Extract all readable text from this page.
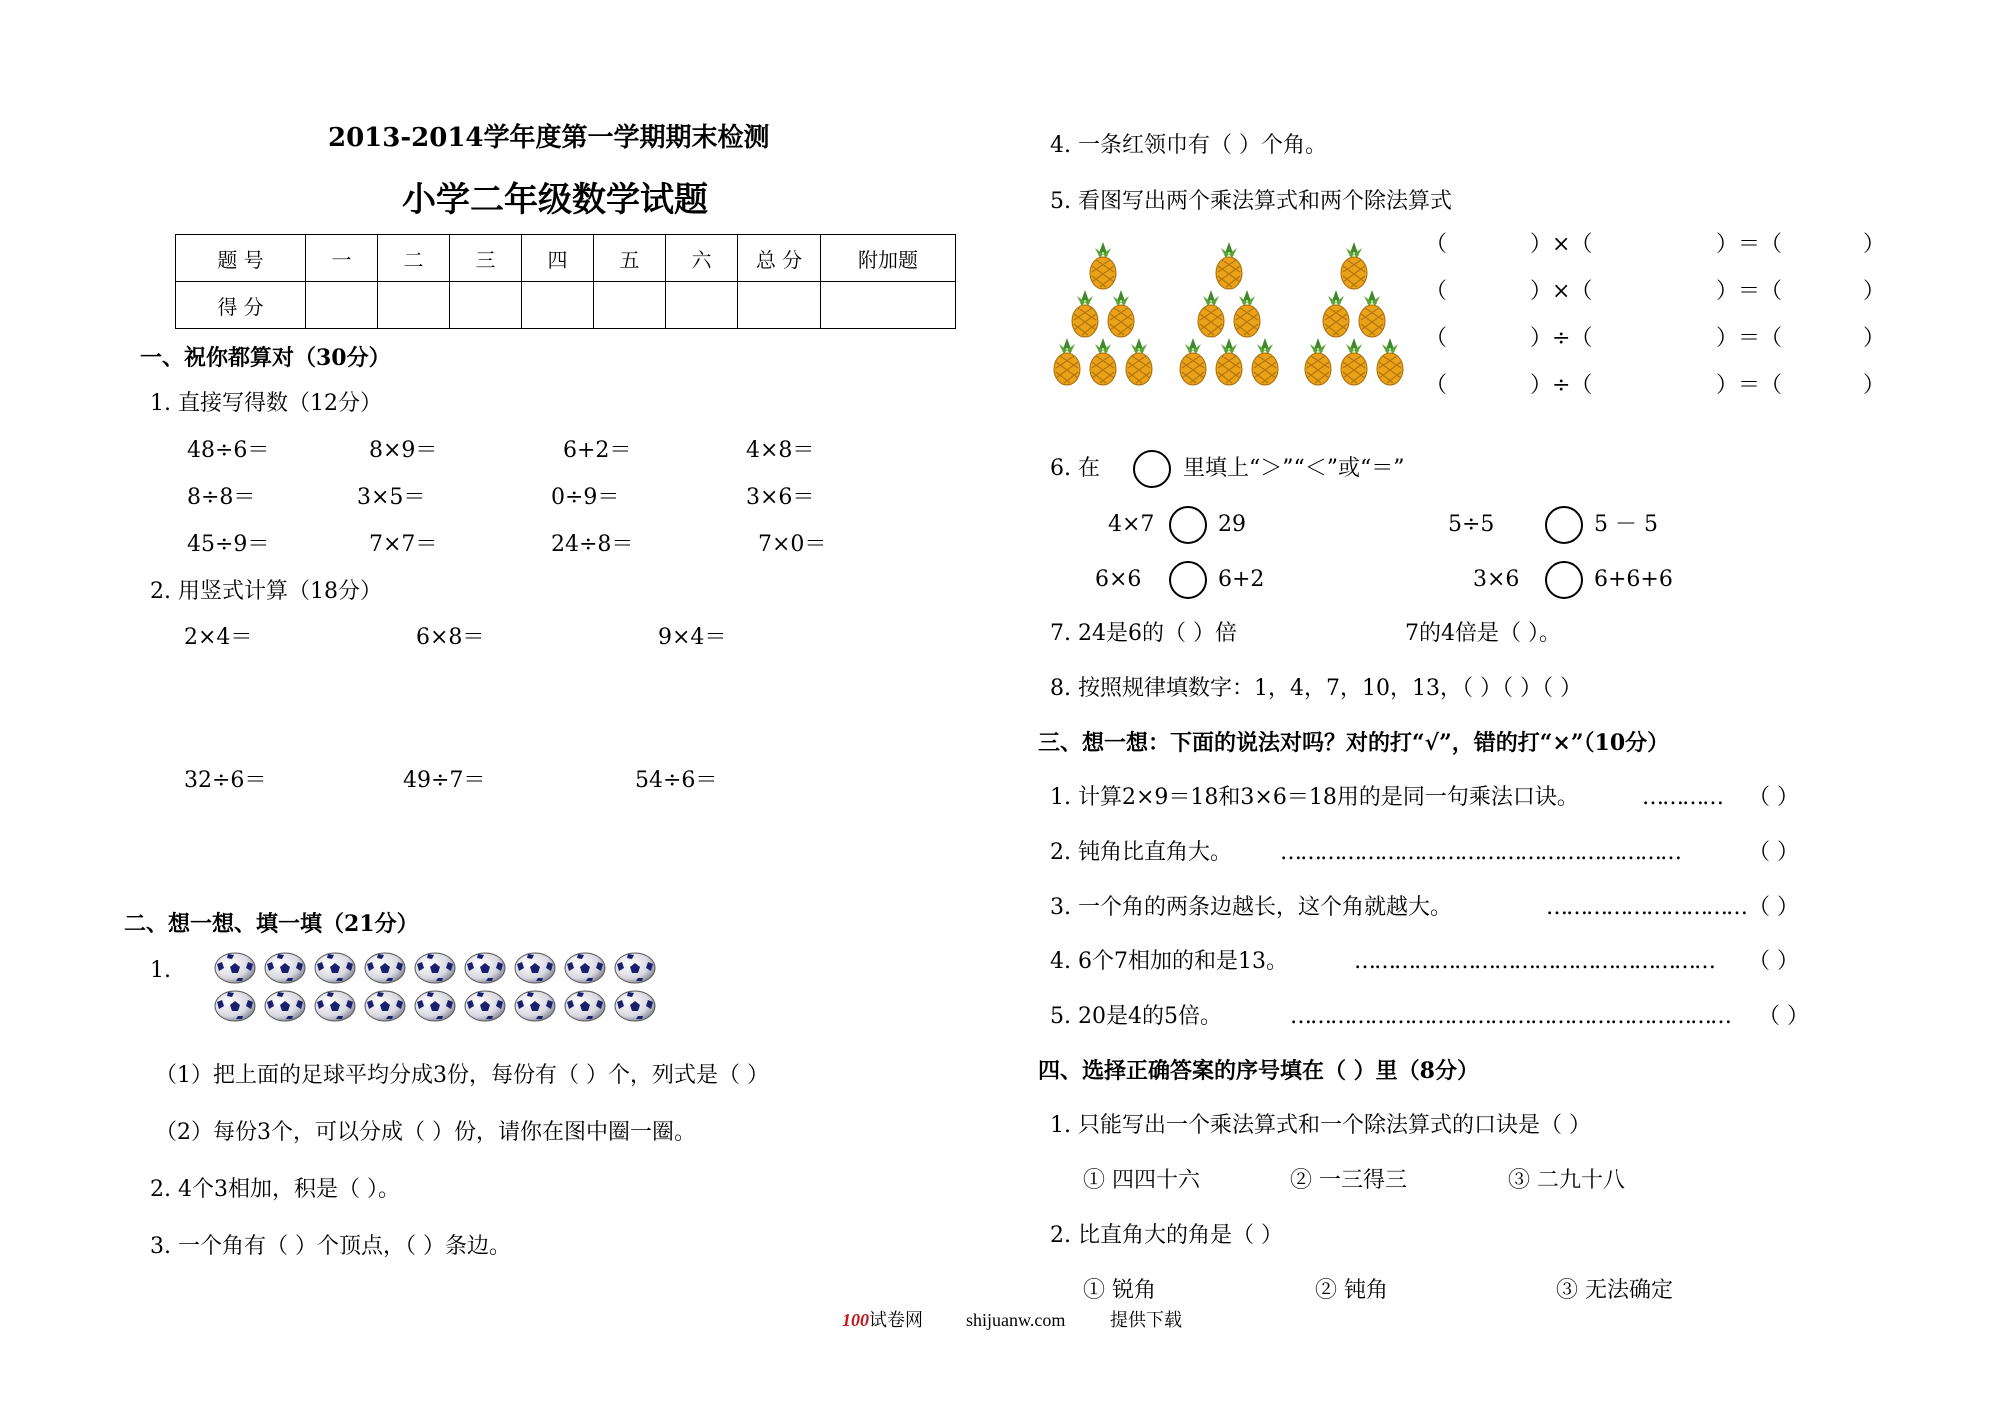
2013-2014学年度第一学期期末检测
小学二年级数学试题
题 号	一	二	三	四	五	六	总 分	附加题
得 分								
一、祝你都算对（30分）
1. 直接写得数（12分）
48÷6＝	8×9＝	6+2＝	4×8＝
8÷8＝	3×5＝	0÷9＝	3×6＝
45÷9＝	7×7＝	24÷8＝	7×0＝
2. 用竖式计算（18分）
2×4＝	6×8＝	9×4＝
32÷6＝	49÷7＝	54÷6＝
二、想一想、填一填（21分）
1.
（1）把上面的足球平均分成3份，每份有（ ）个，列式是（ ）
（2）每份3个，可以分成（ ）份，请你在图中圈一圈。
2. 4个3相加，积是（ ）。
3. 一个角有（ ）个顶点，（ ）条边。
4. 一条红领巾有（ ）个角。
5. 看图写出两个乘法算式和两个除法算式
（	）×（	）＝（	）
（	）×（	）＝（	）
（	）÷（	）＝（	）
（	）÷（	）＝（	）
6. 在	里填上“＞”“＜”或“＝”
4×7	29	5÷5	5 － 5
6×6	6+2	3×6	6+6+6
7. 24是6的（ ）倍	7的4倍是（ ）。
8. 按照规律填数字：1，4，7，10，13，（ ）（ ）（ ）
三、想一想：下面的说法对吗？对的打“√”，错的打“×”（10分）
1. 计算2×9＝18和3×6＝18用的是同一句乘法口诀。	………… （ ）
2. 钝角比直角大。 ……………………………………………………	（ ）
3. 一个角的两条边越长，这个角就越大。	………………………… （ ）
4. 6个7相加的和是13。	……………………………………………… （ ）
5. 20是4的5倍。	………………………………………………………… （ ）
四、选择正确答案的序号填在（ ）里（8分）
1. 只能写出一个乘法算式和一个除法算式的口诀是（ ）
① 四四十六	② 一三得三	③ 二九十八
2. 比直角大的角是（ ）
① 锐角	② 钝角	③ 无法确定
100试卷网 shijuanw.com 提供下载
